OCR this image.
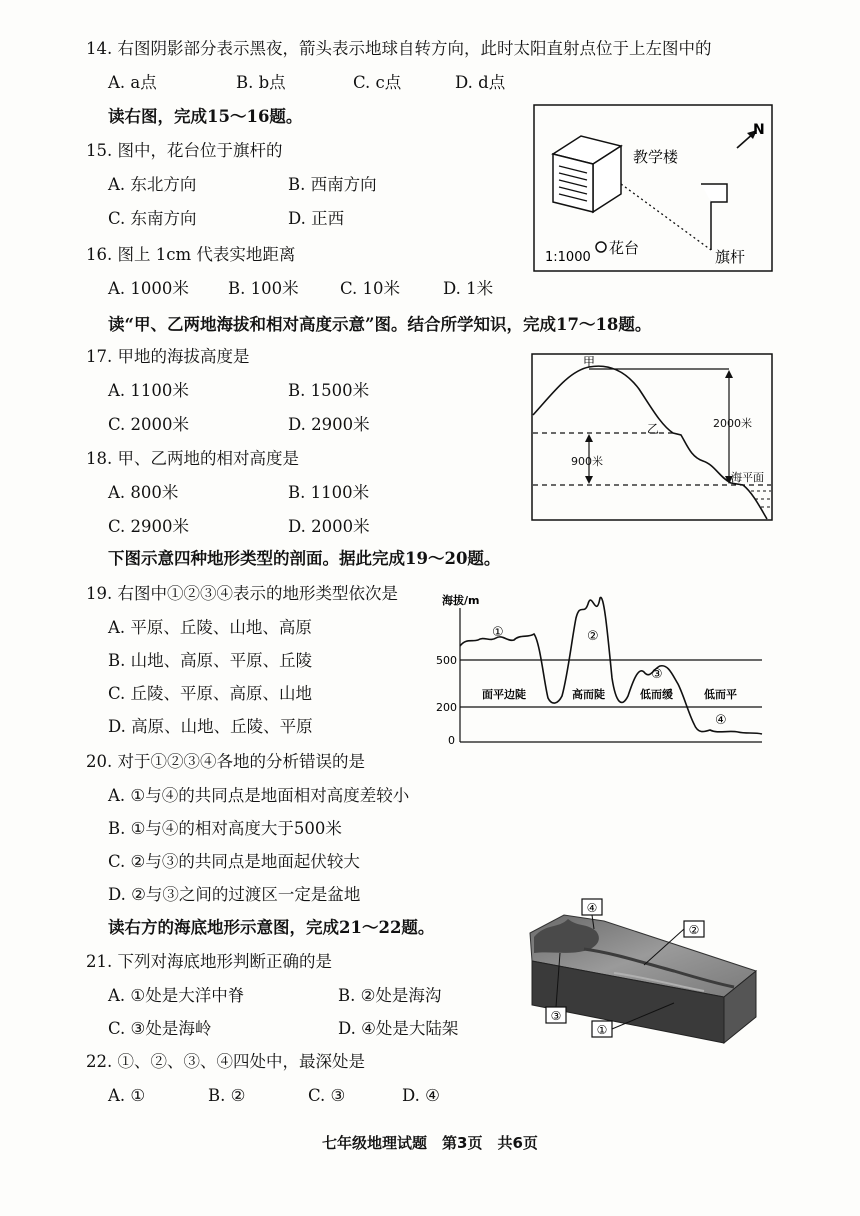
14. 右图阴影部分表示黑夜，箭头表示地球自转方向，此时太阳直射点位于上左图中的
A. a点	B. b点	C. c点	D. d点
读右图，完成15～16题。
15. 图中，花台位于旗杆的
A. 东北方向	B. 西南方向
C. 东南方向	D. 正西
16. 图上 1cm 代表实地距离
A. 1000米 B. 100米	C. 10米	D. 1米
教学楼
旗杆
N
1:1000
花台
读“甲、乙两地海拔和相对高度示意”图。结合所学知识，完成17～18题。
17. 甲地的海拔高度是
A. 1100米	B. 1500米
C. 2000米	D. 2900米
18. 甲、乙两地的相对高度是
A. 800米	B. 1100米
C. 2900米	D. 2000米
2000米
900米
甲
乙
海平面
下图示意四种地形类型的剖面。据此完成19～20题。
19. 右图中①②③④表示的地形类型依次是
A. 平原、丘陵、山地、高原
B. 山地、高原、平原、丘陵
C. 丘陵、平原、高原、山地
D. 高原、山地、丘陵、平原
海拔/m
500
200
0
①	②
③
④
面平边陡	高而陡	低而缓	低而平
20. 对于①②③④各地的分析错误的是
A. ①与④的共同点是地面相对高度差较小
B. ①与④的相对高度大于500米
C. ②与③的共同点是地面起伏较大
D. ②与③之间的过渡区一定是盆地
读右方的海底地形示意图，完成21～22题。
21. 下列对海底地形判断正确的是
A. ①处是大洋中脊	B. ②处是海沟
C. ③处是海岭	D. ④处是大陆架
22. ①、②、③、④四处中，最深处是
A. ①	B. ②	C. ③	D. ④
④
②
③
①
七年级地理试题　第3页　共6页
